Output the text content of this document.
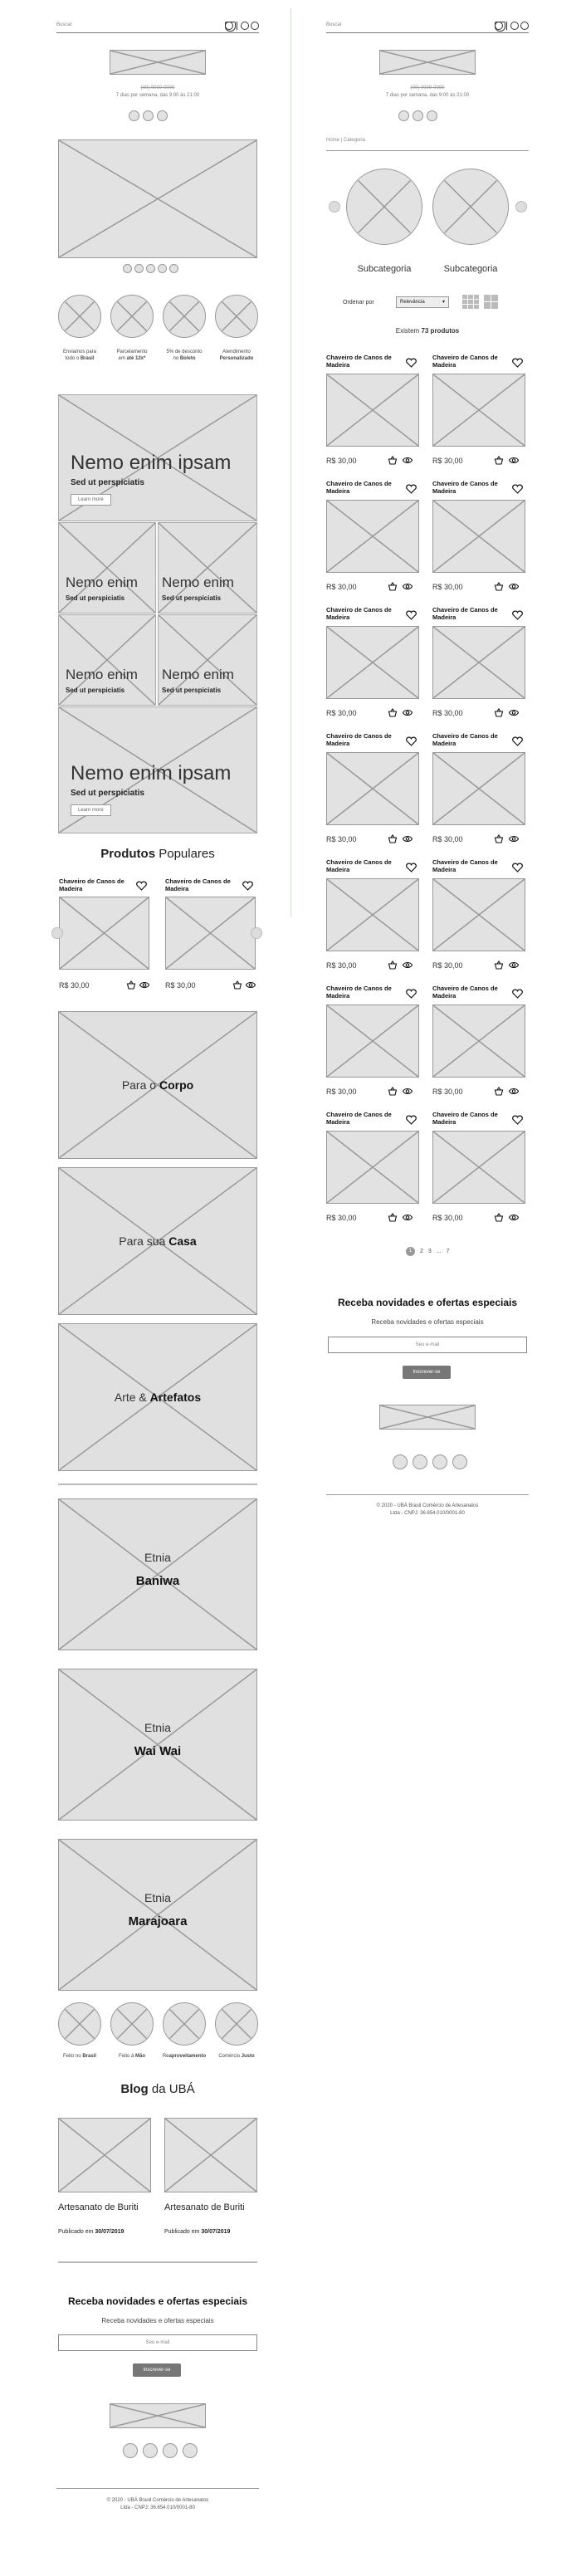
Buscar
(00) 0000-0000
7 dias por semana, das 9:00 às 21:00
Enviamos para
todo o Brasil
Parcelamento
em até 12x*
5% de desconto
no Boleto
Atendimento
Personalizado
Nemo enim ipsam
Sed ut perspiciatis
Learn more
Nemo enim
Sed ut perspiciatis
Nemo enim
Sed ut perspiciatis
Nemo enim
Sed ut perspiciatis
Nemo enim
Sed ut perspiciatis
Nemo enim ipsam
Sed ut perspiciatis
Learn more
Produtos Populares
Chaveiro de Canos de Madeira
Chaveiro de Canos de Madeira
R$ 30,00	R$ 30,00
Para o Corpo
Para sua Casa
Arte & Artefatos
Etnia
Baniwa
Etnia
Wai Wai
Etnia
Marajoara
Feito no Brasil	Feito à Mão	Reaproveitamento	Comércio Justo
Blog da UBÁ
Artesanato de Buriti	Artesanato de Buriti
Publicado em 30/07/2019	Publicado em 30/07/2019
Receba novidades e ofertas especiais
Receba novidades e ofertas especiais
Seu e-mail
Inscrever-se
© 2020 - UBÁ Brasil Comércio de Artesanatos
Ltda - CNPJ: 36.654.010/0001-80
Buscar
(00) 0000-0000
7 dias por semana, das 9:00 às 21:00
Home | Categoria
Subcategoria	Subcategoria
Ordenar por	Relevância	▾
Existem 73 produtos
Chaveiro de Canos de Madeira
R$ 30,00
Chaveiro de Canos de Madeira
R$ 30,00
Chaveiro de Canos de Madeira
R$ 30,00
Chaveiro de Canos de Madeira
R$ 30,00
Chaveiro de Canos de Madeira
R$ 30,00
Chaveiro de Canos de Madeira
R$ 30,00
Chaveiro de Canos de Madeira
R$ 30,00
Chaveiro de Canos de Madeira
R$ 30,00
Chaveiro de Canos de Madeira
R$ 30,00
Chaveiro de Canos de Madeira
R$ 30,00
Chaveiro de Canos de Madeira
R$ 30,00
Chaveiro de Canos de Madeira
R$ 30,00
Chaveiro de Canos de Madeira
R$ 30,00
Chaveiro de Canos de Madeira
R$ 30,00
1	2 3 ... 7
Receba novidades e ofertas especiais
Receba novidades e ofertas especiais
Seu e-mail
Inscrever-se
© 2020 - UBÁ Brasil Comércio de Artesanatos
Ltda - CNPJ: 36.654.010/0001-80
